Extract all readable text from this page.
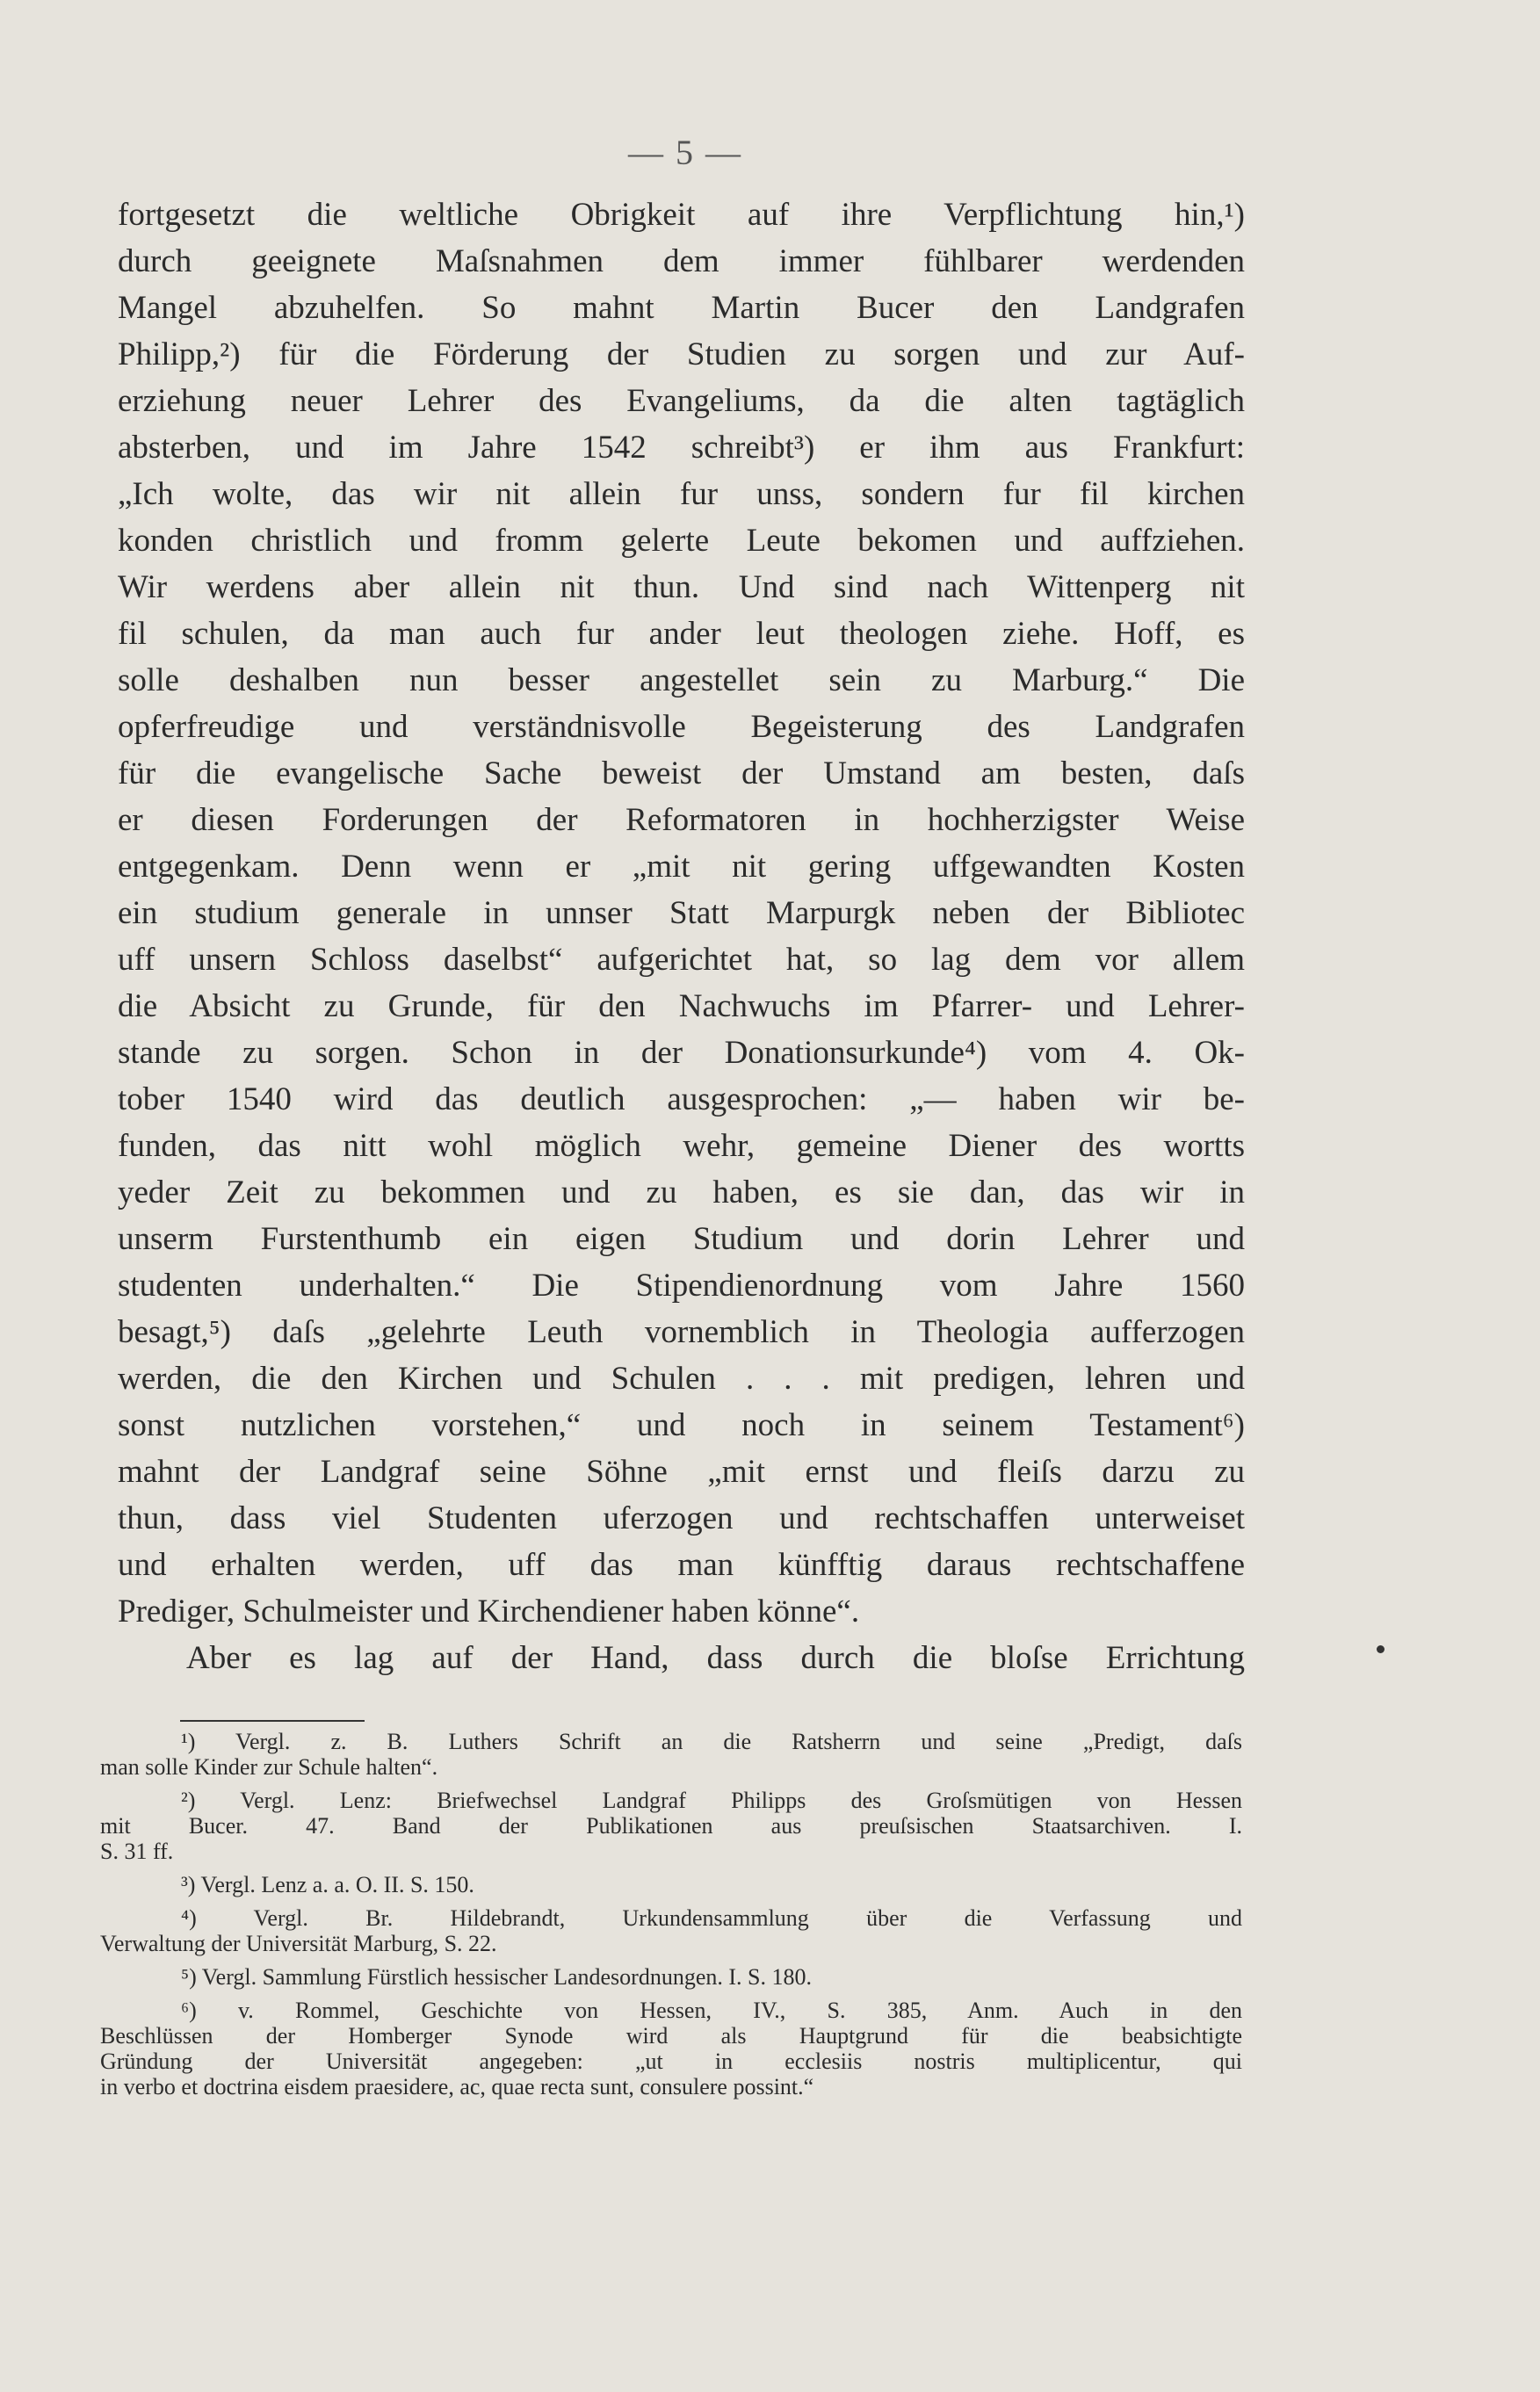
— 5 —
fortgesetzt die weltliche Obrigkeit auf ihre Verpflichtung hin,¹)
durch geeignete Maſsnahmen dem immer fühlbarer werdenden
Mangel abzuhelfen. So mahnt Martin Bucer den Landgrafen
Philipp,²) für die Förderung der Studien zu sorgen und zur Auf-
erziehung neuer Lehrer des Evangeliums, da die alten tagtäglich
absterben, und im Jahre 1542 schreibt³) er ihm aus Frankfurt:
„Ich wolte, das wir nit allein fur unss, sondern fur fil kirchen
konden christlich und fromm gelerte Leute bekomen und auffziehen.
Wir werdens aber allein nit thun. Und sind nach Wittenperg nit
fil schulen, da man auch fur ander leut theologen ziehe. Hoff, es
solle deshalben nun besser angestellet sein zu Marburg.“ Die
opferfreudige und verständnisvolle Begeisterung des Landgrafen
für die evangelische Sache beweist der Umstand am besten, daſs
er diesen Forderungen der Reformatoren in hochherzigster Weise
entgegenkam. Denn wenn er „mit nit gering uffgewandten Kosten
ein studium generale in unnser Statt Marpurgk neben der Bibliotec
uff unsern Schloss daselbst“ aufgerichtet hat, so lag dem vor allem
die Absicht zu Grunde, für den Nachwuchs im Pfarrer- und Lehrer-
stande zu sorgen. Schon in der Donationsurkunde⁴) vom 4. Ok-
tober 1540 wird das deutlich ausgesprochen: „— haben wir be-
funden, das nitt wohl möglich wehr, gemeine Diener des wortts
yeder Zeit zu bekommen und zu haben, es sie dan, das wir in
unserm Furstenthumb ein eigen Studium und dorin Lehrer und
studenten underhalten.“ Die Stipendienordnung vom Jahre 1560
besagt,⁵) daſs „gelehrte Leuth vornemblich in Theologia aufferzogen
werden, die den Kirchen und Schulen . . . mit predigen, lehren und
sonst nutzlichen vorstehen,“ und noch in seinem Testament⁶)
mahnt der Landgraf seine Söhne „mit ernst und fleiſs darzu zu
thun, dass viel Studenten uferzogen und rechtschaffen unterweiset
und erhalten werden, uff das man künfftig daraus rechtschaffene
Prediger, Schulmeister und Kirchendiener haben könne“.
Aber es lag auf der Hand, dass durch die bloſse Errichtung
¹) Vergl. z. B. Luthers Schrift an die Ratsherrn und seine „Predigt, daſs
man solle Kinder zur Schule halten“.
²) Vergl. Lenz: Briefwechsel Landgraf Philipps des Groſsmütigen von Hessen
mit Bucer. 47. Band der Publikationen aus preuſsischen Staatsarchiven. I.
S. 31 ff.
³) Vergl. Lenz a. a. O. II. S. 150.
⁴) Vergl. Br. Hildebrandt, Urkundensammlung über die Verfassung und
Verwaltung der Universität Marburg, S. 22.
⁵) Vergl. Sammlung Fürstlich hessischer Landesordnungen. I. S. 180.
⁶) v. Rommel, Geschichte von Hessen, IV., S. 385, Anm. Auch in den
Beschlüssen der Homberger Synode wird als Hauptgrund für die beabsichtigte
Gründung der Universität angegeben: „ut in ecclesiis nostris multiplicentur, qui
in verbo et doctrina eisdem praesidere, ac, quae recta sunt, consulere possint.“
